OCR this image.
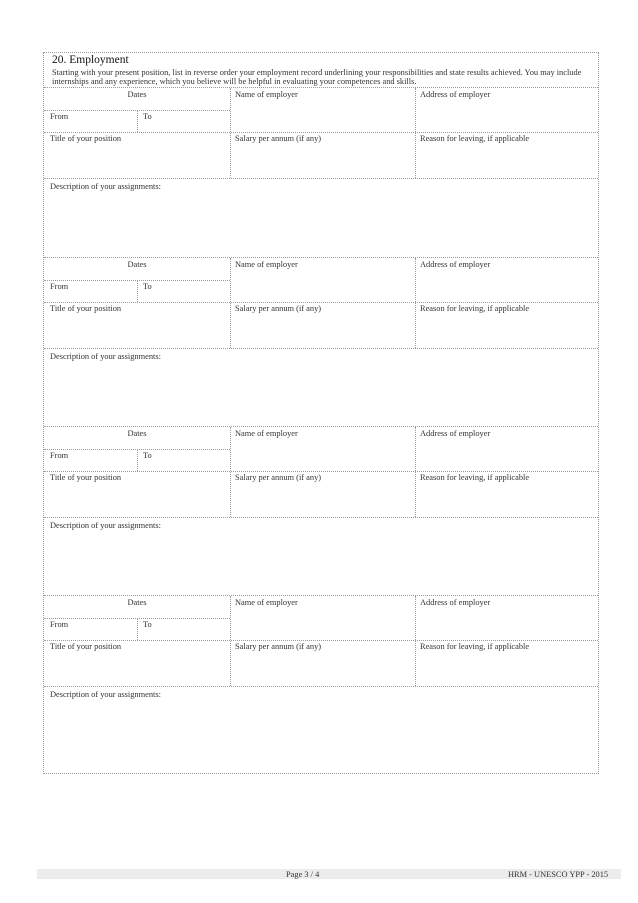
20. Employment
Starting with your present position, list in reverse order your employment record underlining your responsibilities and state results achieved. You may include internships and any experience, which you believe will be helpful in evaluating your competences and skills.
Dates
From	To
Name of employer	Address of employer
Title of your position	Salary per annum (if any)	Reason for leaving, if applicable
Description of your assignments:
Dates
From	To
Name of employer	Address of employer
Title of your position	Salary per annum (if any)	Reason for leaving, if applicable
Description of your assignments:
Dates
From	To
Name of employer	Address of employer
Title of your position	Salary per annum (if any)	Reason for leaving, if applicable
Description of your assignments:
Dates
From	To
Name of employer	Address of employer
Title of your position	Salary per annum (if any)	Reason for leaving, if applicable
Description of your assignments:
Page 3 / 4	HRM - UNESCO YPP - 2015
